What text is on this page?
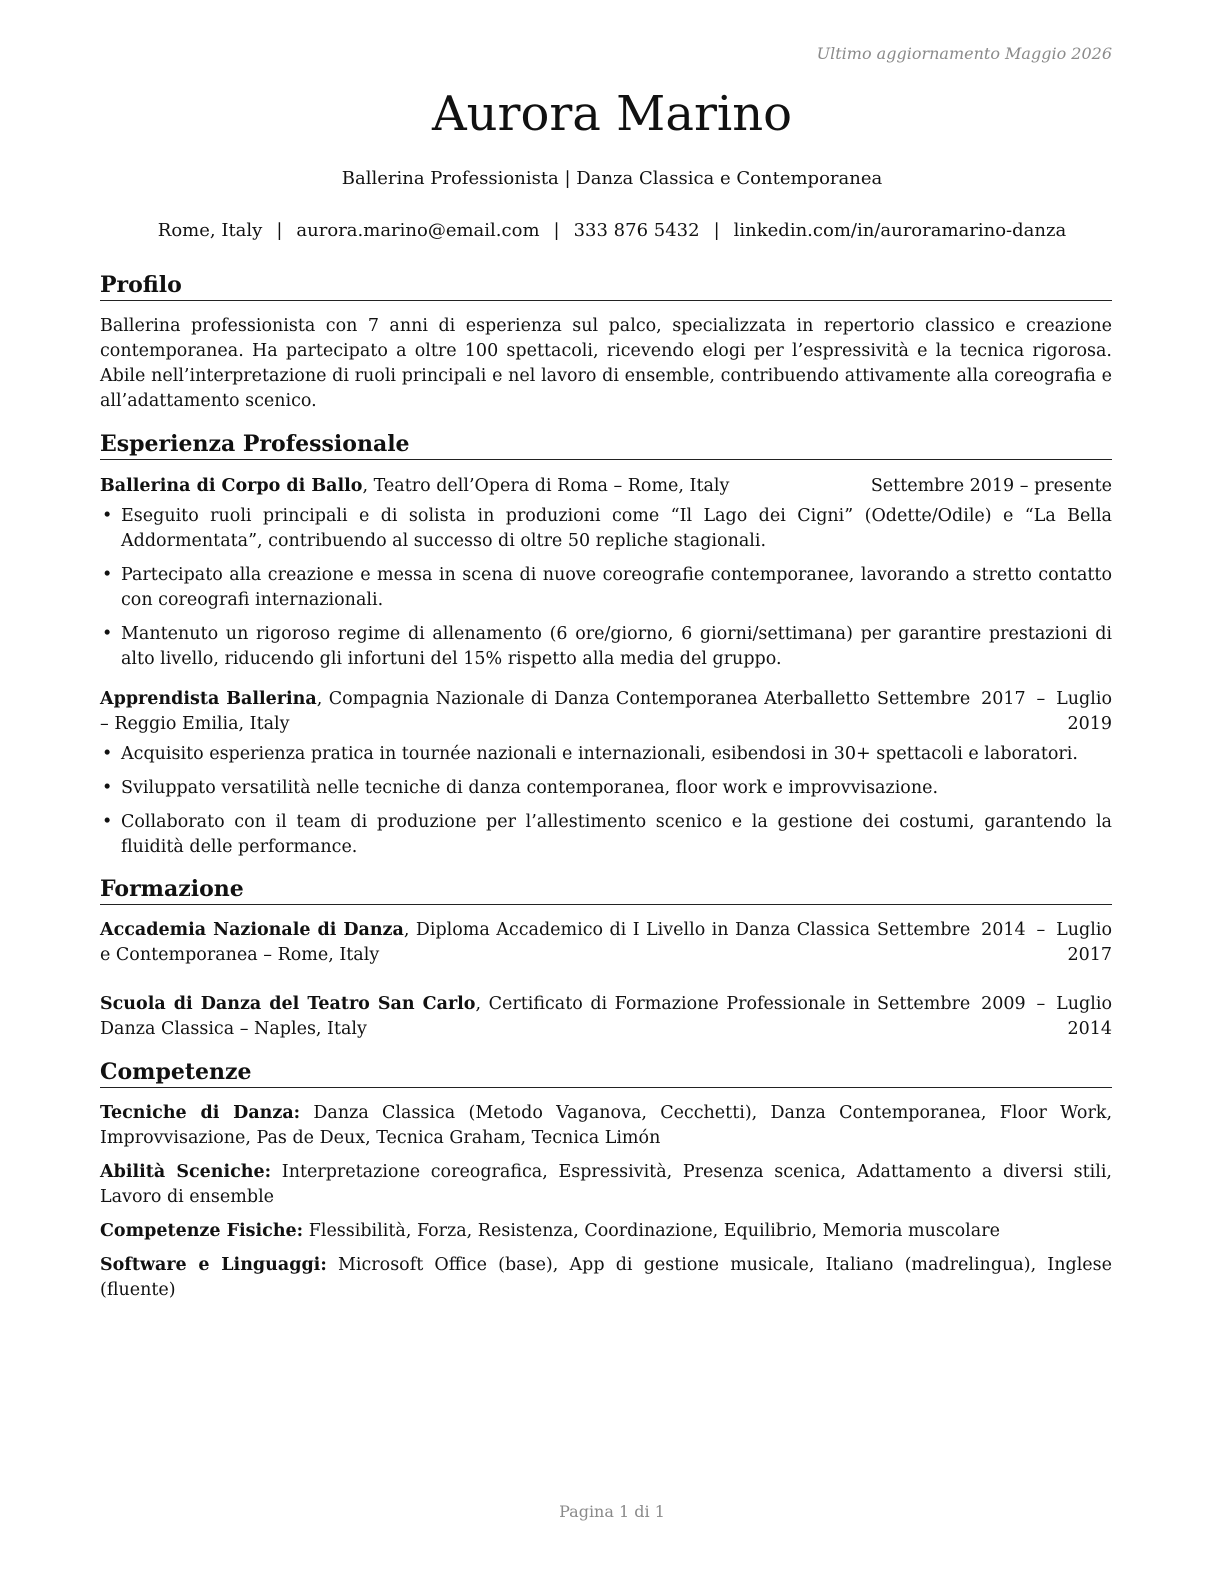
Ultimo aggiornamento Maggio 2026
Aurora Marino
Ballerina Professionista | Danza Classica e Contemporanea
Rome, Italy | aurora.marino@email.com | 333 876 5432 | linkedin.com/in/auroramarino-danza
Profilo
Ballerina professionista con 7 anni di esperienza sul palco, specializzata in repertorio classico e creazione contemporanea. Ha partecipato a oltre 100 spettacoli, ricevendo elogi per l’espressività e la tecnica rigorosa. Abile nell’interpretazione di ruoli principali e nel lavoro di ensemble, contribuendo attivamente alla coreografia e all’adattamento scenico.
Esperienza Professionale
Ballerina di Corpo di Ballo, Teatro dell’Opera di Roma – Rome, Italy	Settembre 2019 – presente
• Eseguito ruoli principali e di solista in produzioni come “Il Lago dei Cigni” (Odette/Odile) e “La Bella Addormentata”, contribuendo al successo di oltre 50 repliche stagionali.
• Partecipato alla creazione e messa in scena di nuove coreografie contemporanee, lavorando a stretto contatto con coreografi internazionali.
• Mantenuto un rigoroso regime di allenamento (6 ore/giorno, 6 giorni/settimana) per garantire prestazioni di alto livello, riducendo gli infortuni del 15% rispetto alla media del gruppo.
Apprendista Ballerina, Compagnia Nazionale di Danza Contemporanea Aterballetto – Reggio Emilia, Italy
Settembre 2017 – Luglio
2019
• Acquisito esperienza pratica in tournée nazionali e internazionali, esibendosi in 30+ spettacoli e laboratori.
• Sviluppato versatilità nelle tecniche di danza contemporanea, floor work e improvvisazione.
• Collaborato con il team di produzione per l’allestimento scenico e la gestione dei costumi, garantendo la fluidità delle performance.
Formazione
Accademia Nazionale di Danza, Diploma Accademico di I Livello in Danza Classica e Contemporanea – Rome, Italy
Settembre 2014 – Luglio
2017
Scuola di Danza del Teatro San Carlo, Certificato di Formazione Professionale in Danza Classica – Naples, Italy
Settembre 2009 – Luglio
2014
Competenze
Tecniche di Danza: Danza Classica (Metodo Vaganova, Cecchetti), Danza Contemporanea, Floor Work, Improvvisazione, Pas de Deux, Tecnica Graham, Tecnica Limón
Abilità Sceniche: Interpretazione coreografica, Espressività, Presenza scenica, Adattamento a diversi stili, Lavoro di ensemble
Competenze Fisiche: Flessibilità, Forza, Resistenza, Coordinazione, Equilibrio, Memoria muscolare
Software e Linguaggi: Microsoft Office (base), App di gestione musicale, Italiano (madrelingua), Inglese (fluente)
Pagina 1 di 1
